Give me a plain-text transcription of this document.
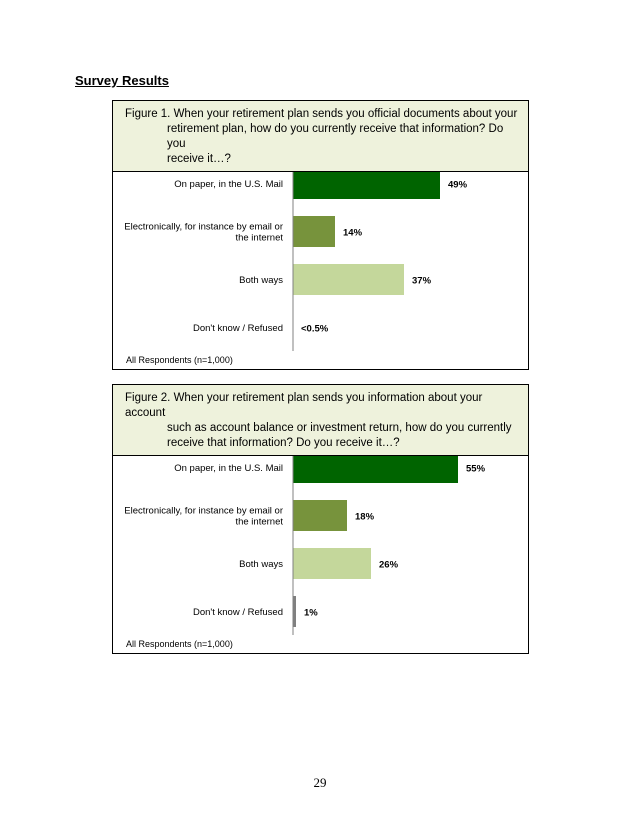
Survey Results
49%
On paper, in the U.S. Mail
14%
Electronically, for instance by email or
the internet
37%
Both ways
<0.5%
Don't know / Refused
Figure 1. When your retirement plan sends you official documents about your
retirement plan, how do you currently receive that information? Do you
receive it…?
All Respondents (n=1,000)
55%
On paper, in the U.S. Mail
18%
Electronically, for instance by email or
the internet
26%
Both ways
1%
Don't know / Refused
Figure 2. When your retirement plan sends you information about your account
such as account balance or investment return, how do you currently
receive that information? Do you receive it…?
All Respondents (n=1,000)
29
